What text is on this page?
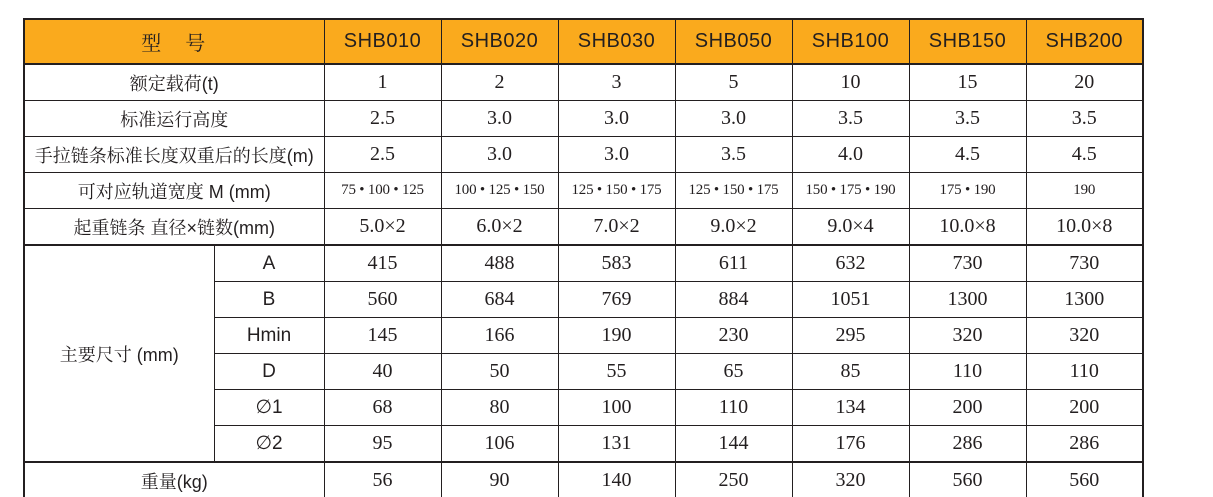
型　号		SHB010	SHB020	SHB030	SHB050	SHB100	SHB150	SHB200
额定载荷(t)		1	2	3	5	10	15	20
标准运行高度		2.5	3.0	3.0	3.0	3.5	3.5	3.5
手拉链条标准长度双重后的长度(m)		2.5	3.0	3.0	3.5	4.0	4.5	4.5
可对应轨道宽度 M (mm)		75 • 100 • 125	100 • 125 • 150	125 • 150 • 175	125 • 150 • 175	150 • 175 • 190	175 • 190	190
起重链条 直径×链数(mm)		5.0×2	6.0×2	7.0×2	9.0×2	9.0×4	10.0×8	10.0×8
主要尺寸 (mm)	A	415	488	583	611	632	730	730
	B	560	684	769	884	1051	1300	1300
	Hmin	145	166	190	230	295	320	320
	D	40	50	55	65	85	110	110
	∅1	68	80	100	110	134	200	200
	∅2	95	106	131	144	176	286	286
重量(kg)		56	90	140	250	320	560	560
